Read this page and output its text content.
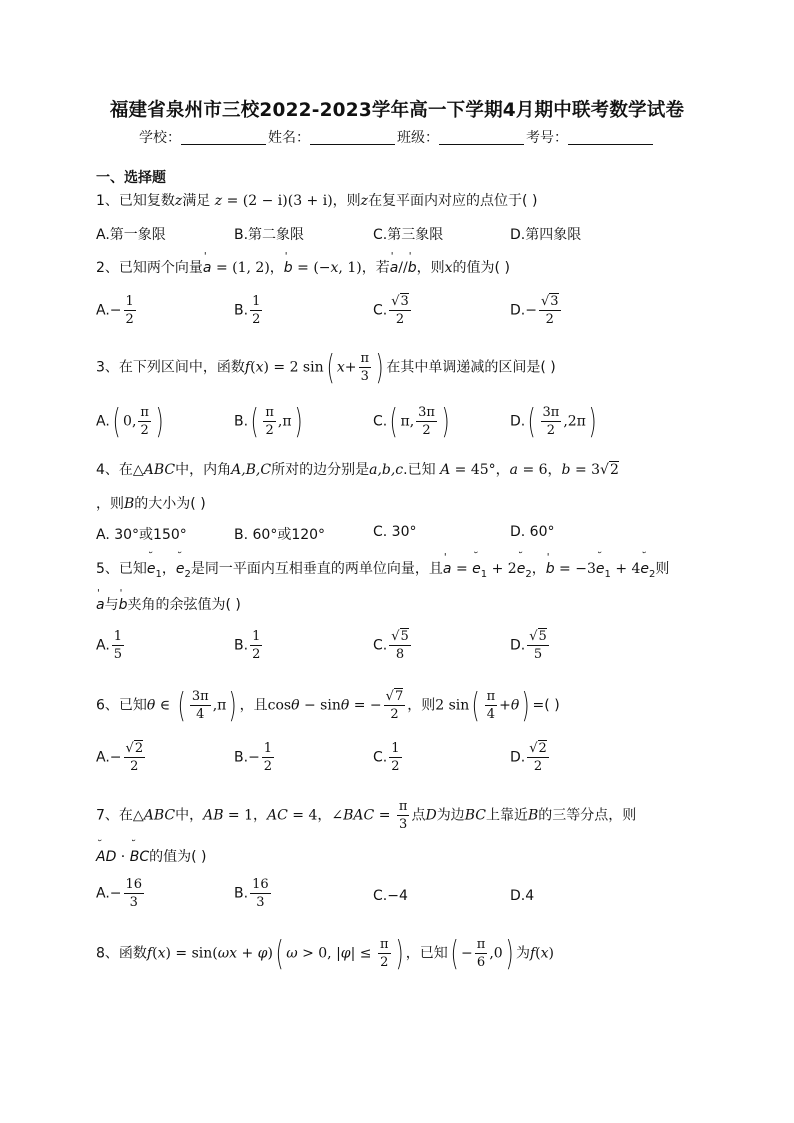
福建省泉州市三校2022-2023学年高一下学期4月期中联考数学试卷
学校：	姓名：	班级：	考号：
一、选择题
1、已知复数z满足 z = (2 − i)(3 + i)，则z在复平面内对应的点位于( )
A.第一象限	B.第二象限	C.第三象限	D.第四象限
2、已知两个向量' a = (1, 2)，' b = (−x, 1)，若' a//' b，则x的值为( )
$A.- \frac{1}{2}$	B. $\frac{1}{2}$	C. $\frac{√3}{2}$	$D.- \frac{√3}{2}$
3、在下列区间中，函数f(x) = 2 sin( $x+ \frac{\pi}{3}$ ) 在其中单调递减的区间是( )
A.( 0, $\frac{\pi}{2}$ )	$B.( \frac{\pi}{2} ,\pi)$	C.( π, $\frac{3\pi}{2}$ )	$D.( \frac{3\pi}{2} ,2\pi)$
4、在△ABC中，内角A,B,C所对的边分别是a,b,c.已知 A = 45°，a = 6，b = 3√2
，则B的大小为( )
A. 30°或150°	B. 60°或120°	C. 30°	D. 60°
5、已知˘ $e_1$，˘ $e_2$是同一平面内互相垂直的两单位向量，且' a = ˘ $e_1$ + 2˘ $e_2$，' b = −3˘ $e_1$ + 4˘ $e_2$则
' a与' b夹角的余弦值为( )
A. $\frac{1}{5}$	B. $\frac{1}{2}$	C. $\frac{√5}{8}$	D. $\frac{√5}{5}$
6、已知θ ∈ ( $\frac{3\pi}{4} ,\pi$) ，且cosθ − sinθ = − $\frac{√7}{2}$ ，则2 $\sin( \frac{\pi}{4} +\theta)$ =( )
$A.- \frac{√2}{2}$	$B.- \frac{1}{2}$	C. $\frac{1}{2}$	D. $\frac{√2}{2}$
7、在△ABC中，AB = 1，AC = 4，∠BAC = $\frac{\pi}{3}$ 点D为边BC上靠近B的三等分点，则
˘ AD · ˘ BC的值为( )
$A.- \frac{16}{3}$	B. $\frac{16}{3}$	C.−4	D.4
8、函数f(x) = sin(ωx + φ)( ω > 0, $|\varphi| \le \frac{\pi}{2}$ ) ，已知( − $\frac{\pi}{6} ,0$) 为f(x)
